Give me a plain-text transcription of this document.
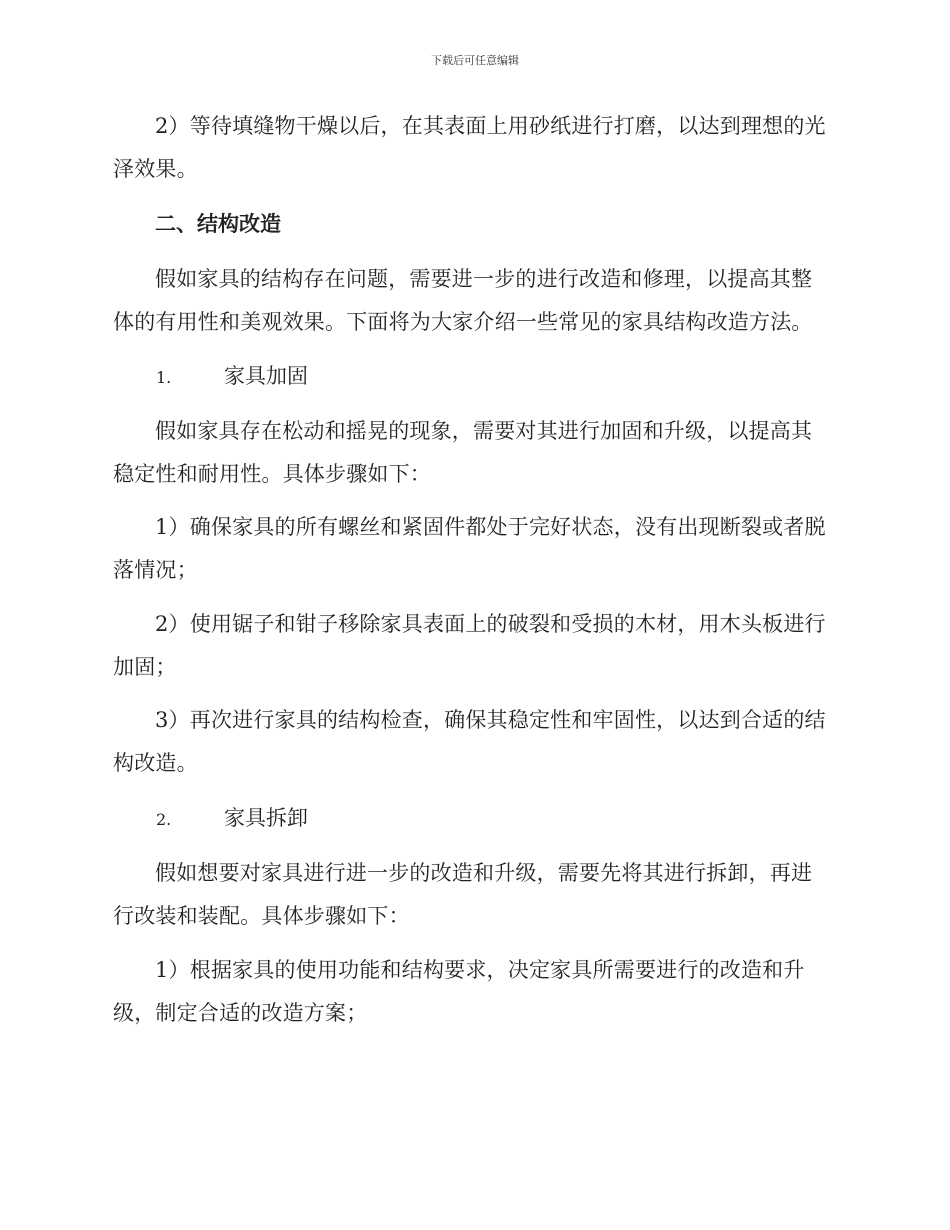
下载后可任意编辑

2）等待填缝物干燥以后，在其表面上用砂纸进行打磨，以达到理想的光泽效果。

二、结构改造

假如家具的结构存在问题，需要进一步的进行改造和修理，以提高其整体的有用性和美观效果。下面将为大家介绍一些常见的家具结构改造方法。

1.	家具加固

假如家具存在松动和摇晃的现象，需要对其进行加固和升级，以提高其稳定性和耐用性。具体步骤如下：

1）确保家具的所有螺丝和紧固件都处于完好状态，没有出现断裂或者脱落情况；

2）使用锯子和钳子移除家具表面上的破裂和受损的木材，用木头板进行加固；

3）再次进行家具的结构检查，确保其稳定性和牢固性，以达到合适的结构改造。

2.	家具拆卸

假如想要对家具进行进一步的改造和升级，需要先将其进行拆卸，再进行改装和装配。具体步骤如下：

1）根据家具的使用功能和结构要求，决定家具所需要进行的改造和升级，制定合适的改造方案；
